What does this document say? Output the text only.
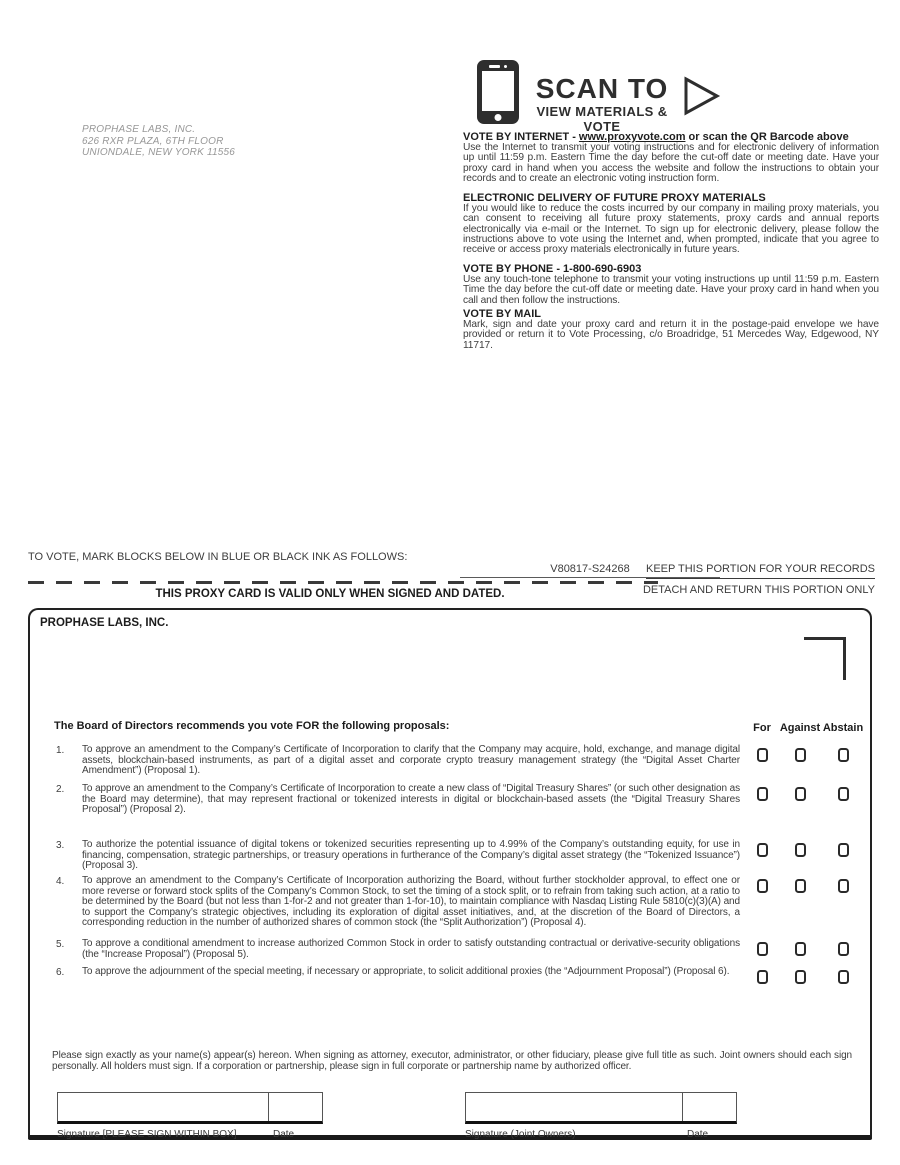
SCAN TO
VIEW MATERIALS & VOTE
PROPHASE LABS, INC.
626 RXR PLAZA, 6TH FLOOR
UNIONDALE, NEW YORK 11556
VOTE BY INTERNET - www.proxyvote.com or scan the QR Barcode above
Use the Internet to transmit your voting instructions and for electronic delivery of information up until 11:59 p.m. Eastern Time the day before the cut-off date or meeting date. Have your proxy card in hand when you access the website and follow the instructions to obtain your records and to create an electronic voting instruction form.
ELECTRONIC DELIVERY OF FUTURE PROXY MATERIALS
If you would like to reduce the costs incurred by our company in mailing proxy materials, you can consent to receiving all future proxy statements, proxy cards and annual reports electronically via e-mail or the Internet. To sign up for electronic delivery, please follow the instructions above to vote using the Internet and, when prompted, indicate that you agree to receive or access proxy materials electronically in future years.
VOTE BY PHONE - 1-800-690-6903
Use any touch-tone telephone to transmit your voting instructions up until 11:59 p.m. Eastern Time the day before the cut-off date or meeting date. Have your proxy card in hand when you call and then follow the instructions.
VOTE BY MAIL
Mark, sign and date your proxy card and return it in the postage-paid envelope we have provided or return it to Vote Processing, c/o Broadridge, 51 Mercedes Way, Edgewood, NY 11717.
TO VOTE, MARK BLOCKS BELOW IN BLUE OR BLACK INK AS FOLLOWS:
V80817-S24268	KEEP THIS PORTION FOR YOUR RECORDS
DETACH AND RETURN THIS PORTION ONLY
THIS PROXY CARD IS VALID ONLY WHEN SIGNED AND DATED.
PROPHASE LABS, INC.
The Board of Directors recommends you vote FOR the following proposals:	For Against Abstain
1. To approve an amendment to the Company’s Certificate of Incorporation to clarify that the Company may acquire, hold, exchange, and manage digital assets, blockchain-based instruments, as part of a digital asset and corporate crypto treasury management strategy (the “Digital Asset Charter Amendment”) (Proposal 1).
2. To approve an amendment to the Company’s Certificate of Incorporation to create a new class of “Digital Treasury Shares” (or such other designation as the Board may determine), that may represent fractional or tokenized interests in digital or blockchain-based assets (the “Digital Treasury Shares Proposal”) (Proposal 2).
3. To authorize the potential issuance of digital tokens or tokenized securities representing up to 4.99% of the Company’s outstanding equity, for use in financing, compensation, strategic partnerships, or treasury operations in furtherance of the Company’s digital asset strategy (the “Tokenized Issuance”) (Proposal 3).
4. To approve an amendment to the Company’s Certificate of Incorporation authorizing the Board, without further stockholder approval, to effect one or more reverse or forward stock splits of the Company’s Common Stock, to set the timing of a stock split, or to refrain from taking such action, at a ratio to be determined by the Board (but not less than 1-for-2 and not greater than 1-for-10), to maintain compliance with Nasdaq Listing Rule 5810(c)(3)(A) and to support the Company’s strategic objectives, including its exploration of digital asset initiatives, and, at the discretion of the Board of Directors, a corresponding reduction in the number of authorized shares of common stock (the “Split Authorization”) (Proposal 4).
5. To approve a conditional amendment to increase authorized Common Stock in order to satisfy outstanding contractual or derivative-security obligations (the “Increase Proposal”) (Proposal 5).
6. To approve the adjournment of the special meeting, if necessary or appropriate, to solicit additional proxies (the “Adjournment Proposal”) (Proposal 6).
Please sign exactly as your name(s) appear(s) hereon. When signing as attorney, executor, administrator, or other fiduciary, please give full title as such. Joint owners should each sign personally. All holders must sign. If a corporation or partnership, please sign in full corporate or partnership name by authorized officer.
Signature [PLEASE SIGN WITHIN BOX]	Date	Signature (Joint Owners)	Date
